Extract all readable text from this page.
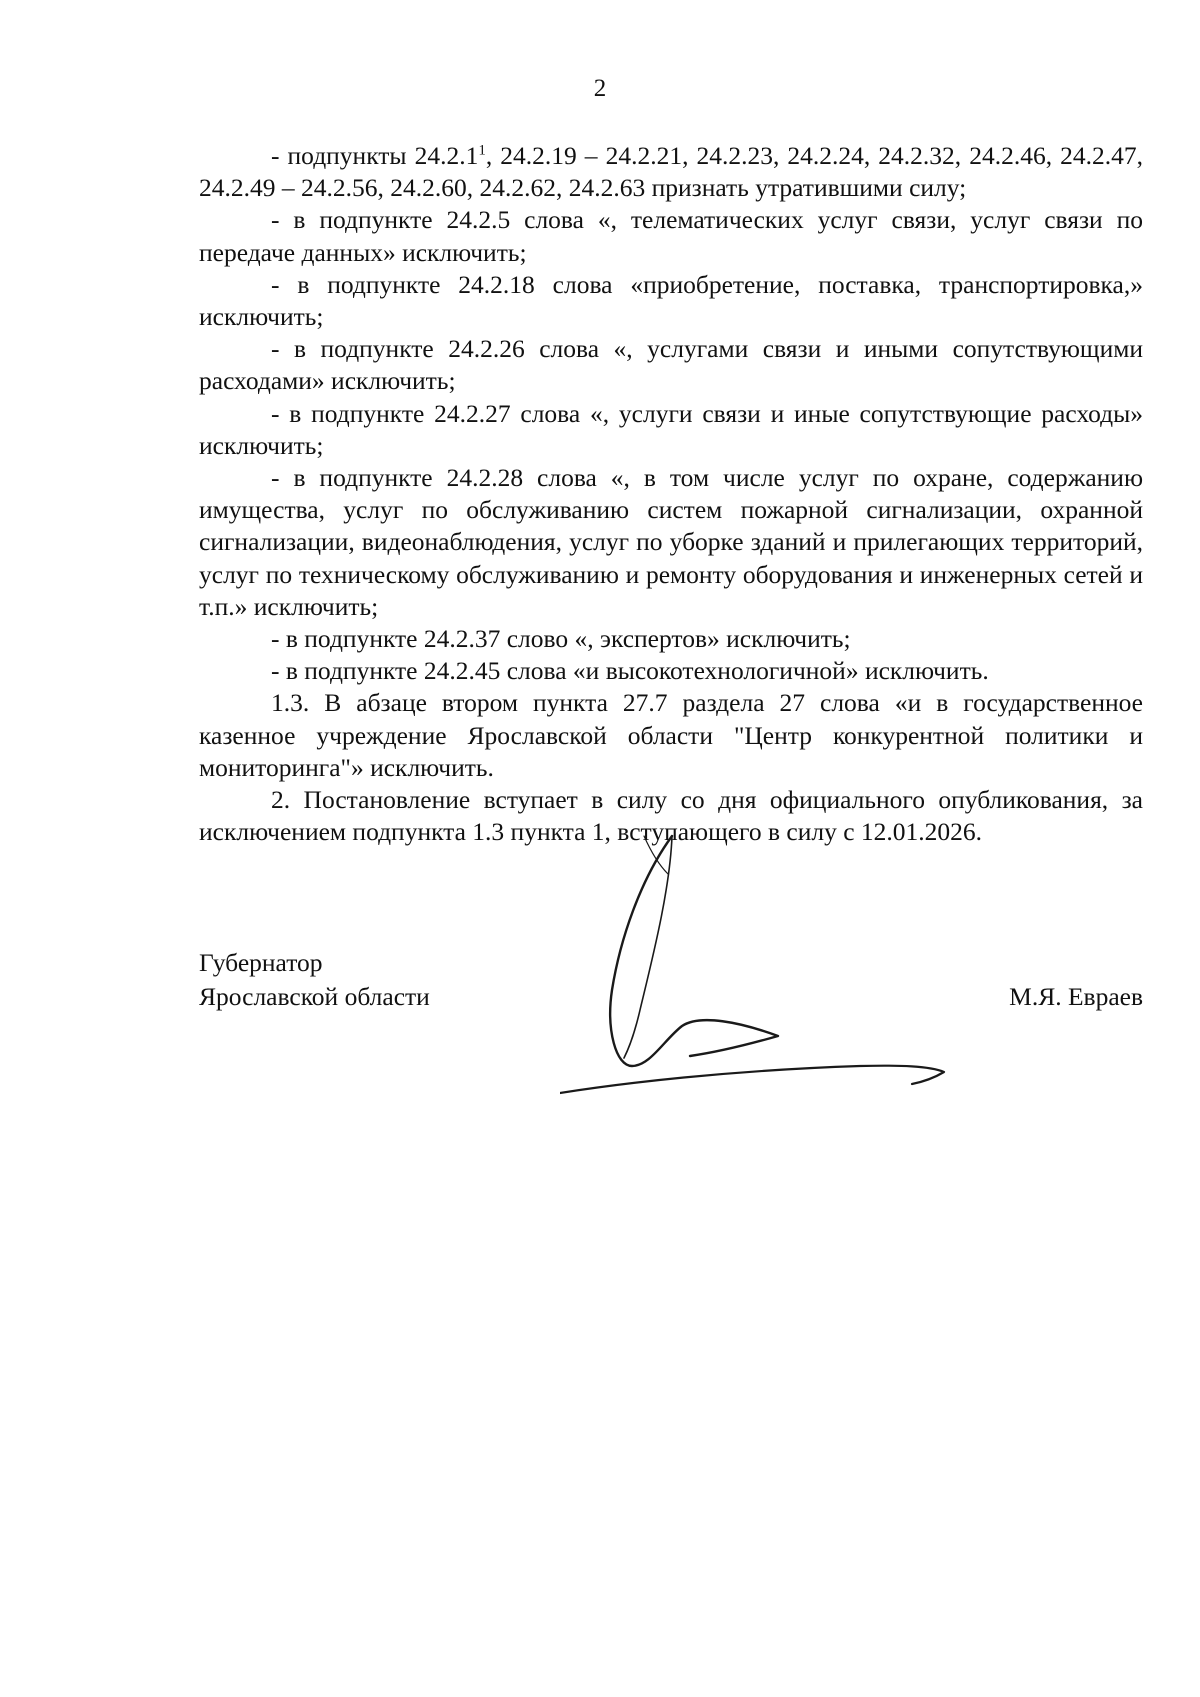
2

- подпункты 24.2.1$^1$, 24.2.19 – 24.2.21, 24.2.23, 24.2.24, 24.2.32, 24.2.46, 24.2.47, 24.2.49 – 24.2.56, 24.2.60, 24.2.62, 24.2.63 признать утратившими силу;

- в подпункте 24.2.5 слова «, телематических услуг связи, услуг связи по передаче данных» исключить;

- в подпункте 24.2.18 слова «приобретение, поставка, транспортировка,» исключить;

- в подпункте 24.2.26 слова «, услугами связи и иными сопутствующими расходами» исключить;

- в подпункте 24.2.27 слова «, услуги связи и иные сопутствующие расходы» исключить;

- в подпункте 24.2.28 слова «, в том числе услуг по охране, содержанию имущества, услуг по обслуживанию систем пожарной сигнализации, охранной сигнализации, видеонаблюдения, услуг по уборке зданий и прилегающих территорий, услуг по техническому обслуживанию и ремонту оборудования и инженерных сетей и т.п.» исключить;

- в подпункте 24.2.37 слово «, экспертов» исключить;

- в подпункте 24.2.45 слова «и высокотехнологичной» исключить.

1.3. В абзаце втором пункта 27.7 раздела 27 слова «и в государственное казенное учреждение Ярославской области "Центр конкурентной политики и мониторинга"» исключить.

2. Постановление вступает в силу со дня официального опубликования, за исключением подпункта 1.3 пункта 1, вступающего в силу с 12.01.2026.

Губернатор
Ярославской области	М.Я. Евраев
